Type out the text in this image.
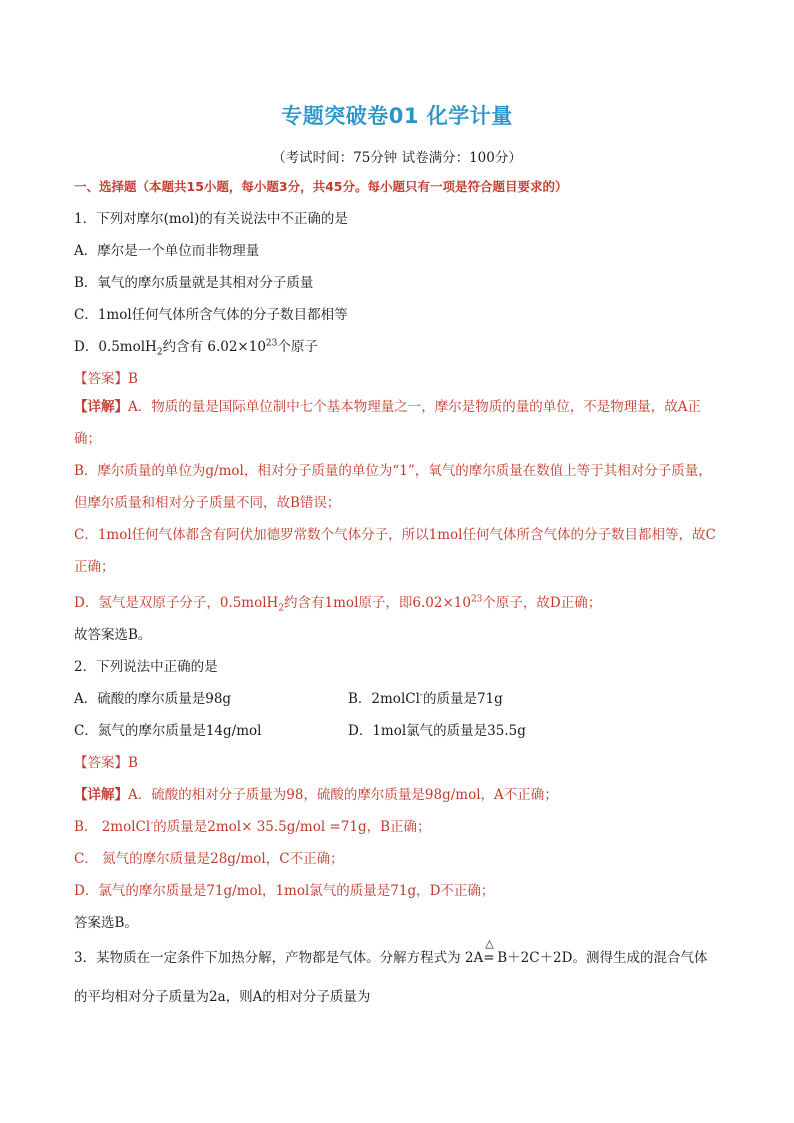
专题突破卷01 化学计量
（考试时间：75分钟 试卷满分：100分）
一、选择题（本题共15小题，每小题3分，共45分。每小题只有一项是符合题目要求的）
1．下列对摩尔(mol)的有关说法中不正确的是
A．摩尔是一个单位而非物理量
B．氧气的摩尔质量就是其相对分子质量
C．1mol任何气体所含气体的分子数目都相等
D．0.5molH$_2$约含有 $6.02\times 10^{23}$个原子
【答案】B
【详解】A．物质的量是国际单位制中七个基本物理量之一，摩尔是物质的量的单位，不是物理量，故A正确；
B．摩尔质量的单位为g/mol，相对分子质量的单位为“1”，氧气的摩尔质量在数值上等于其相对分子质量，但摩尔质量和相对分子质量不同，故B错误；
C．1mol任何气体都含有阿伏加德罗常数个气体分子，所以1mol任何气体所含气体的分子数目都相等，故C正确；
D．氢气是双原子分子，0.5molH$_2$约含有1mol原子，即$6.02\times 10^{23}$个原子，故D正确；
故答案选B。
2．下列说法中正确的是
A．硫酸的摩尔质量是98g	B．2molCl-的质量是71g
C．氮气的摩尔质量是14g/mol	D．1mol氯气的质量是35.5g
【答案】B
【详解】A．硫酸的相对分子质量为98，硫酸的摩尔质量是98g/mol，A不正确；
B． 2molCl-的质量是2mol× 35.5g/mol =71g，B正确；
C． 氮气的摩尔质量是28g/mol，C不正确；
D．氯气的摩尔质量是71g/mol，1mol氯气的质量是71g，D不正确；
答案选B。
3．某物质在一定条件下加热分解，产物都是气体。分解方程式为 2A
△
= B＋2C＋2D。测得生成的混合气体
的平均相对分子质量为2a，则A的相对分子质量为
